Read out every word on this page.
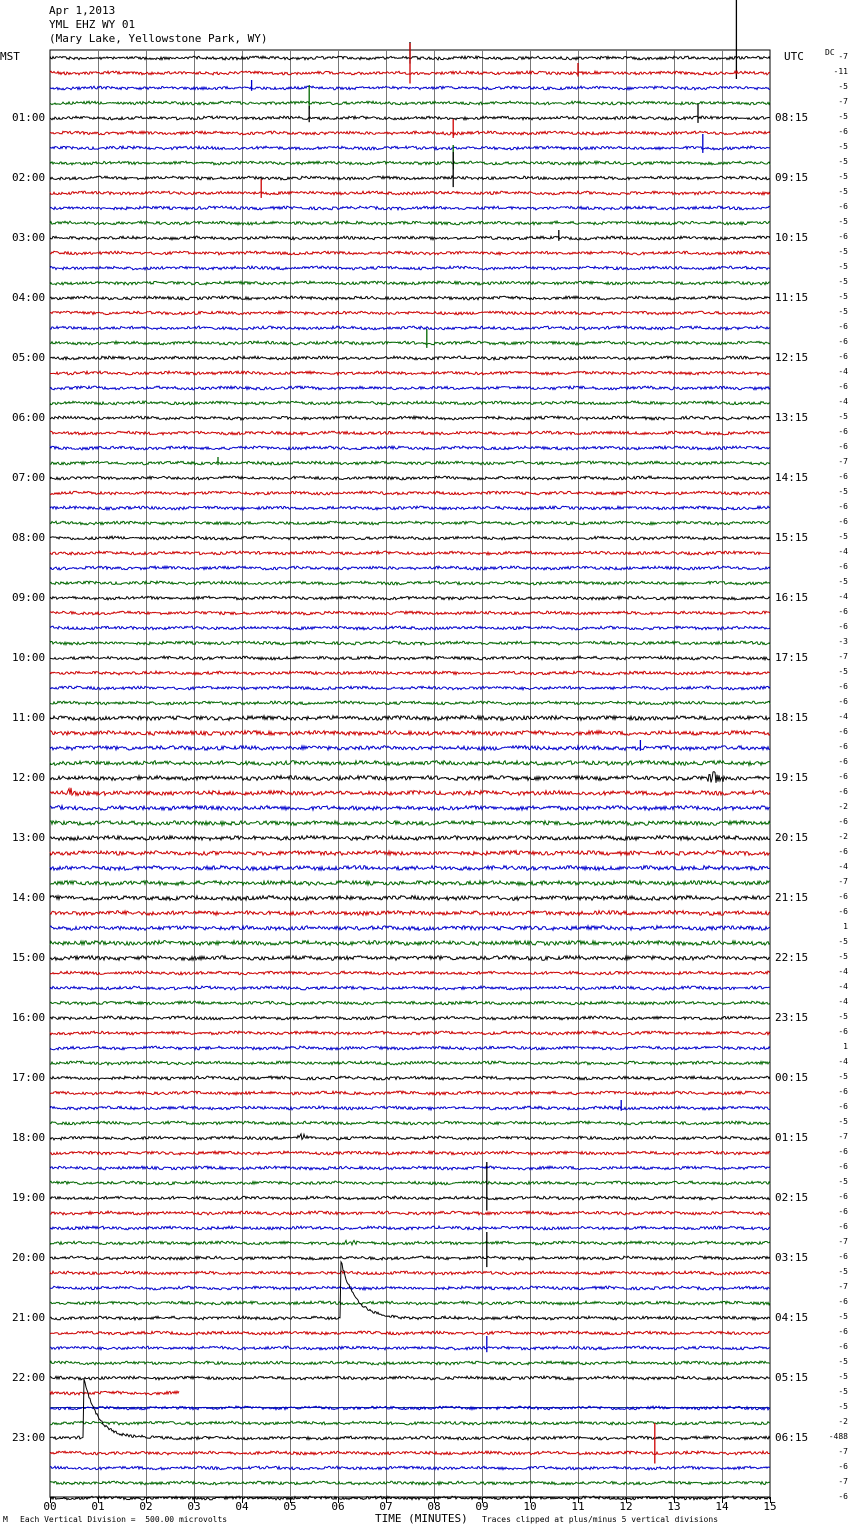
Apr 1,2013
YML EHZ WY 01
(Mary Lake, Yellowstone Park, WY)
MST	UTC	DC
01:00
02:00
03:00
04:00
05:00
06:00
07:00
08:00
09:00
10:00
11:00
12:00
13:00
14:00
15:00
16:00
17:00
18:00
19:00
20:00
21:00
22:00
23:00
08:15
09:15
10:15
11:15
12:15
13:15
14:15
15:15
16:15
17:15
18:15
19:15
20:15
21:15
22:15
23:15
00:15
01:15
02:15
03:15
04:15
05:15
06:15
-7
-11
-5
-7
-5
-6
-5
-5
-5
-5
-6
-5
-6
-5
-5
-5
-5
-5
-6
-6
-6
-4
-6
-4
-5
-6
-6
-7
-6
-5
-6
-6
-5
-4
-6
-5
-4
-6
-6
-3
-7
-5
-6
-6
-4
-6
-6
-6
-6
-6
-2
-6
-2
-6
-4
-7
-6
-6
1
-5
-5
-4
-4
-4
-5
-6
1
-4
-5
-6
-6
-5
-7
-6
-6
-5
-6
-6
-6
-7
-6
-5
-7
-6
-5
-6
-6
-5
-5
-5
-5
-2
-488
-7
-6
-7
-6
00	01	02	03	04	05	06	07	08	09	10	11	12	13	14	15
TIME (MINUTES)
M Each Vertical Division =  500.00 microvolts	Traces clipped at plus/minus 5 vertical divisions
